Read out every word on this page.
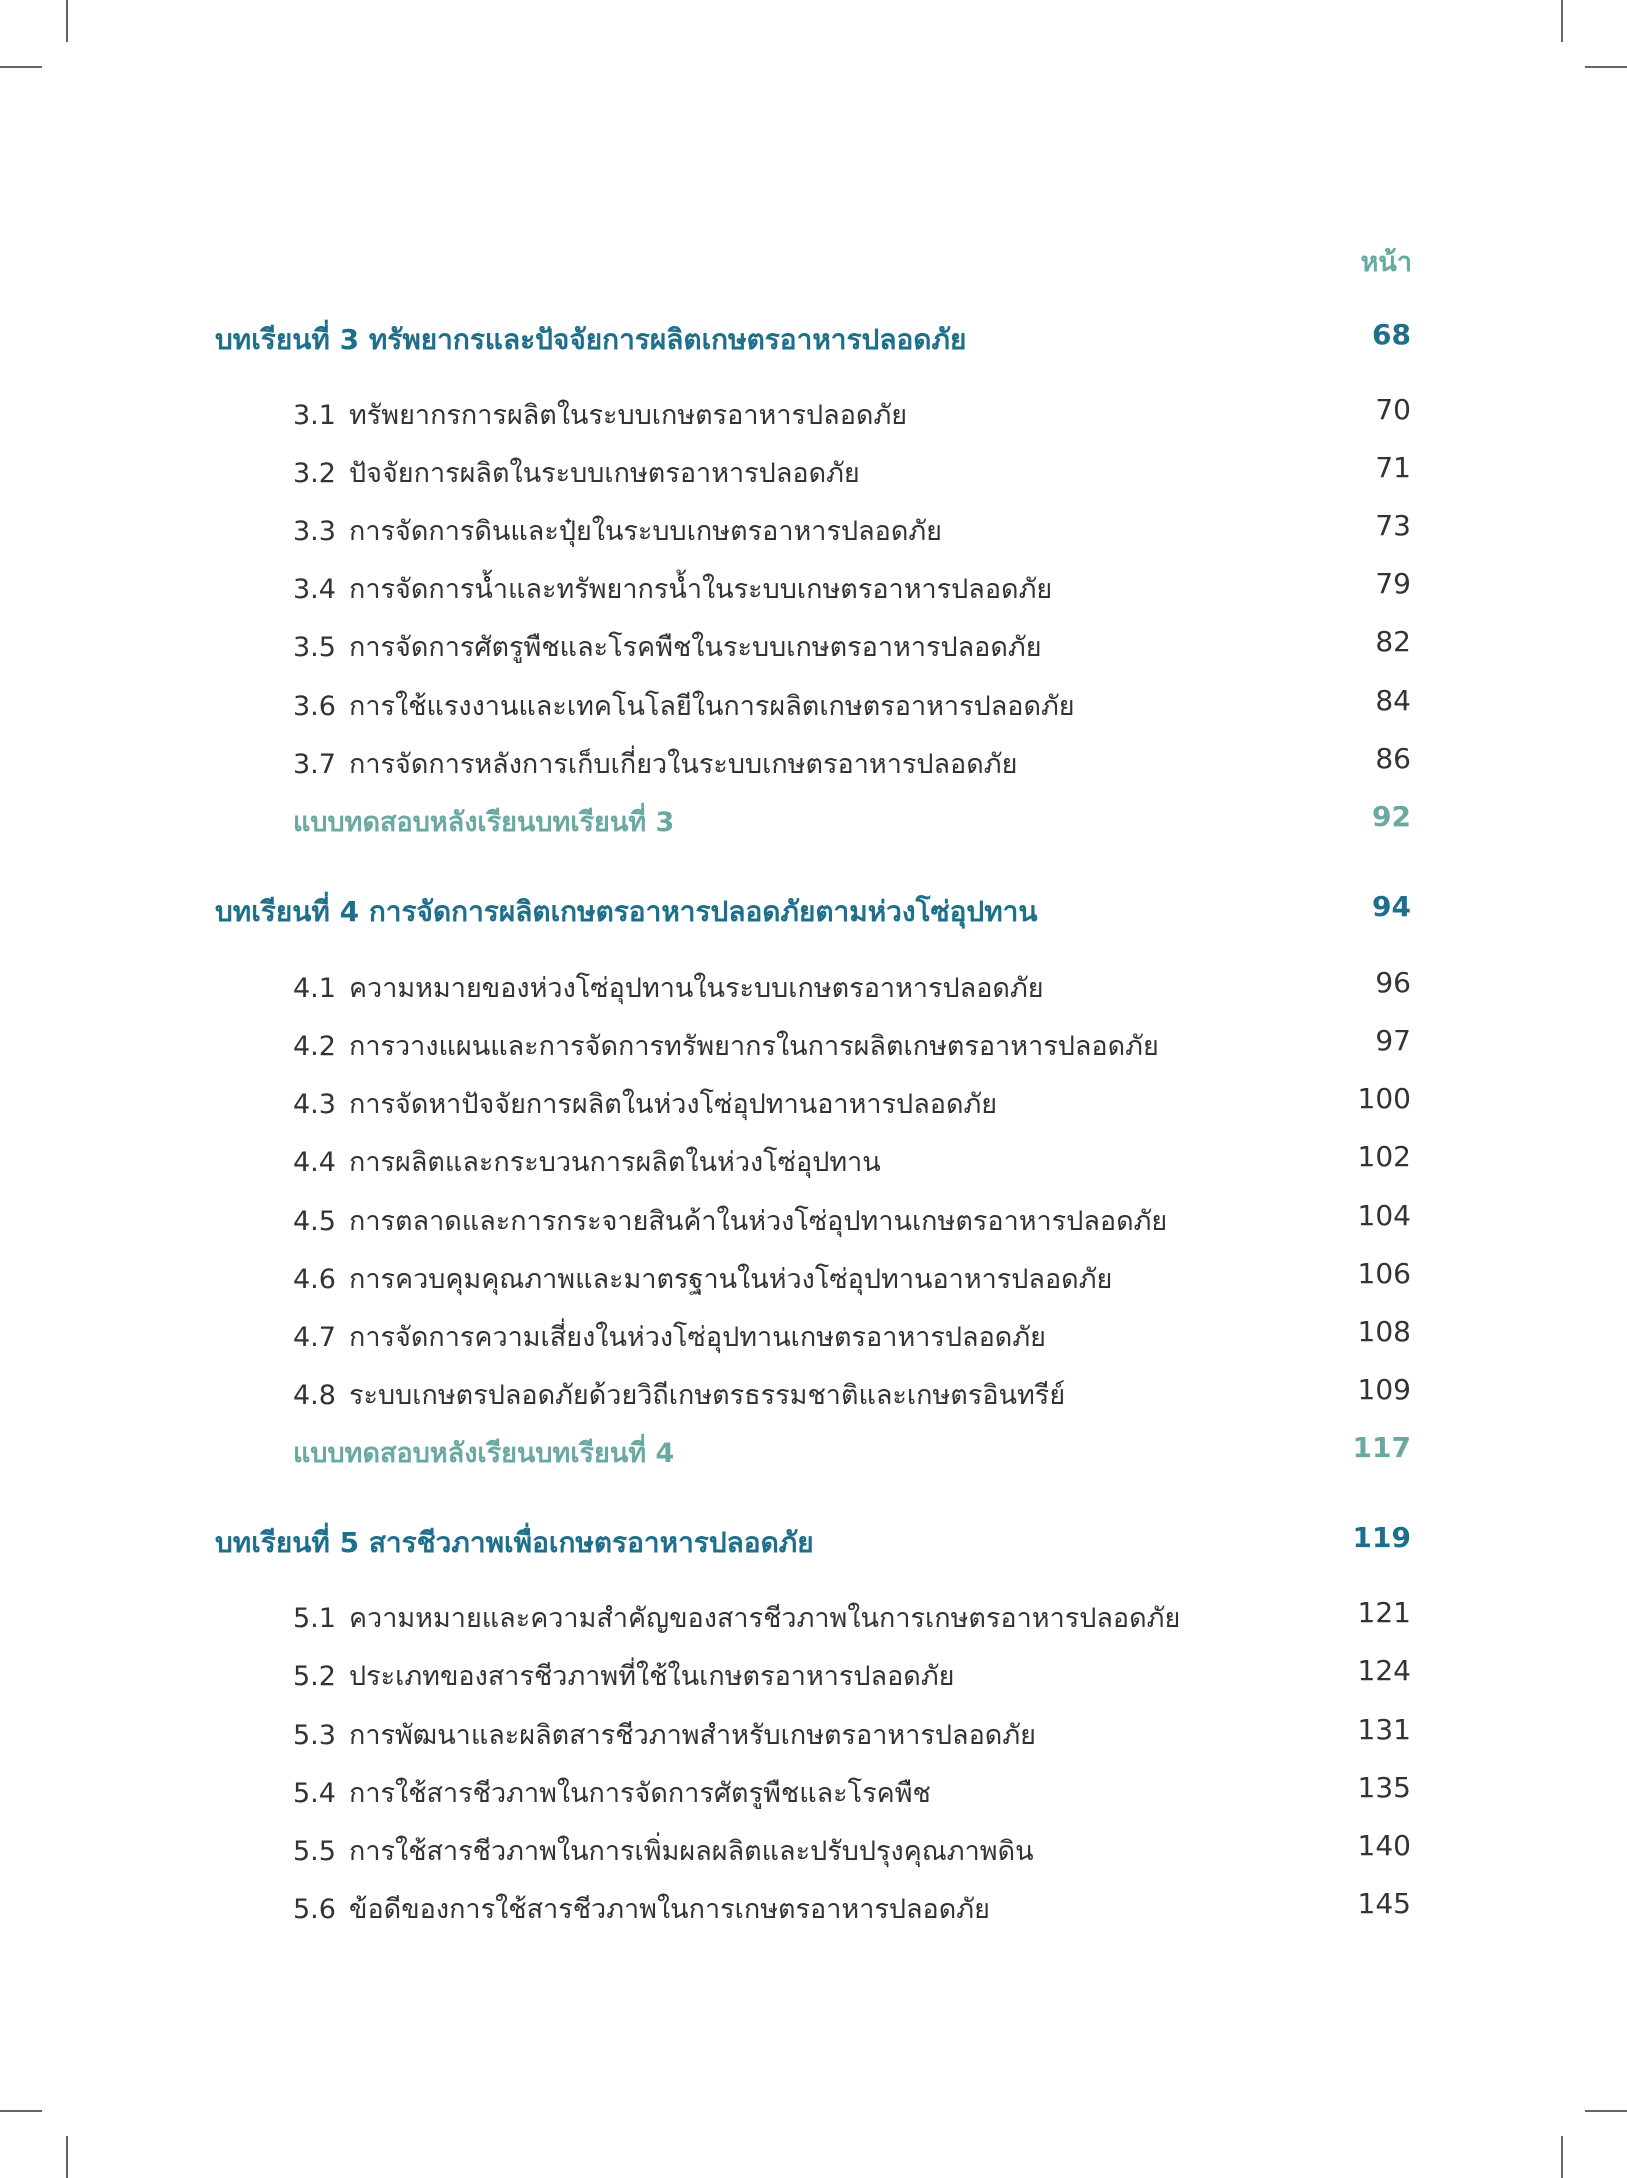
หน้า
บทเรียนที่ 3 ทรัพยากรและปัจจัยการผลิตเกษตรอาหารปลอดภัย	68
3.1 ทรัพยากรการผลิตในระบบเกษตรอาหารปลอดภัย	70
3.2 ปัจจัยการผลิตในระบบเกษตรอาหารปลอดภัย	71
3.3 การจัดการดินและปุ๋ยในระบบเกษตรอาหารปลอดภัย	73
3.4 การจัดการน้ำและทรัพยากรน้ำในระบบเกษตรอาหารปลอดภัย	79
3.5 การจัดการศัตรูพืชและโรคพืชในระบบเกษตรอาหารปลอดภัย	82
3.6 การใช้แรงงานและเทคโนโลยีในการผลิตเกษตรอาหารปลอดภัย	84
3.7 การจัดการหลังการเก็บเกี่ยวในระบบเกษตรอาหารปลอดภัย	86
แบบทดสอบหลังเรียนบทเรียนที่ 3	92
บทเรียนที่ 4 การจัดการผลิตเกษตรอาหารปลอดภัยตามห่วงโซ่อุปทาน	94
4.1 ความหมายของห่วงโซ่อุปทานในระบบเกษตรอาหารปลอดภัย	96
4.2 การวางแผนและการจัดการทรัพยากรในการผลิตเกษตรอาหารปลอดภัย	97
4.3 การจัดหาปัจจัยการผลิตในห่วงโซ่อุปทานอาหารปลอดภัย	100
4.4 การผลิตและกระบวนการผลิตในห่วงโซ่อุปทาน	102
4.5 การตลาดและการกระจายสินค้าในห่วงโซ่อุปทานเกษตรอาหารปลอดภัย	104
4.6 การควบคุมคุณภาพและมาตรฐานในห่วงโซ่อุปทานอาหารปลอดภัย	106
4.7 การจัดการความเสี่ยงในห่วงโซ่อุปทานเกษตรอาหารปลอดภัย	108
4.8 ระบบเกษตรปลอดภัยด้วยวิถีเกษตรธรรมชาติและเกษตรอินทรีย์	109
แบบทดสอบหลังเรียนบทเรียนที่ 4	117
บทเรียนที่ 5 สารชีวภาพเพื่อเกษตรอาหารปลอดภัย	119
5.1 ความหมายและความสำคัญของสารชีวภาพในการเกษตรอาหารปลอดภัย	121
5.2 ประเภทของสารชีวภาพที่ใช้ในเกษตรอาหารปลอดภัย	124
5.3 การพัฒนาและผลิตสารชีวภาพสำหรับเกษตรอาหารปลอดภัย	131
5.4 การใช้สารชีวภาพในการจัดการศัตรูพืชและโรคพืช	135
5.5 การใช้สารชีวภาพในการเพิ่มผลผลิตและปรับปรุงคุณภาพดิน	140
5.6 ข้อดีของการใช้สารชีวภาพในการเกษตรอาหารปลอดภัย	145
